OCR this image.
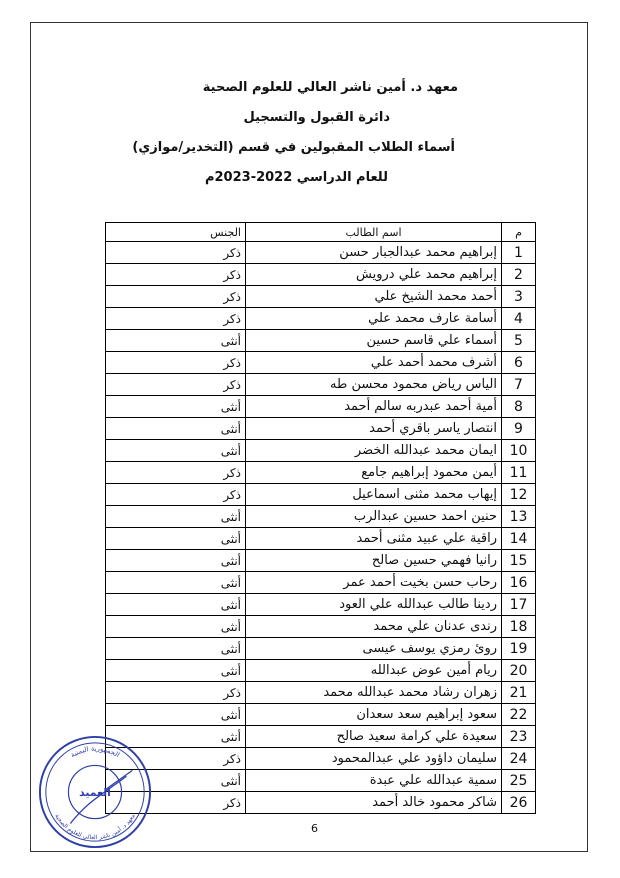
معهد د. أمين ناشر العالي للعلوم الصحية
دائرة القبول والتسجيل
أسماء الطلاب المقبولين في قسم (التخدير/موازي)
للعام الدراسي 2022-2023م
م	اسم الطالب	الجنس
1	إبراهيم محمد عبدالجبار حسن	ذكر
2	إبراهيم محمد علي درويش	ذكر
3	أحمد محمد الشيخ علي	ذكر
4	أسامة عارف محمد علي	ذكر
5	أسماء علي قاسم حسين	أنثى
6	أشرف محمد أحمد علي	ذكر
7	الياس رياض محمود محسن طه	ذكر
8	أمية أحمد عبدربه سالم أحمد	أنثى
9	انتصار ياسر باقري أحمد	أنثى
10	ايمان محمد عبدالله الخضر	أنثى
11	أيمن محمود إبراهيم جامع	ذكر
12	إيهاب محمد مثنى اسماعيل	ذكر
13	حنين احمد حسين عبدالرب	أنثى
14	راقية علي عبيد مثنى أحمد	أنثى
15	رانيا فهمي حسين صالح	أنثى
16	رحاب حسن بخيت أحمد عمر	أنثى
17	ردينا طالب عبدالله علي العود	أنثى
18	رندى عدنان علي محمد	أنثى
19	روئ رمزي يوسف عيسى	أنثى
20	ريام أمين عوض عبدالله	أنثى
21	زهران رشاد محمد عبدالله محمد	ذكر
22	سعود إبراهيم سعد سعدان	أنثى
23	سعيدة علي كرامة سعيد صالح	أنثى
24	سليمان داؤود علي عبدالمحمود	ذكر
25	سمية عبدالله علي عبدة	أنثى
26	شاكر محمود خالد أحمد	ذكر
6
الجمهورية اليمنية
معهد د. أمين ناشر العالي للعلوم الصحية
العميد
